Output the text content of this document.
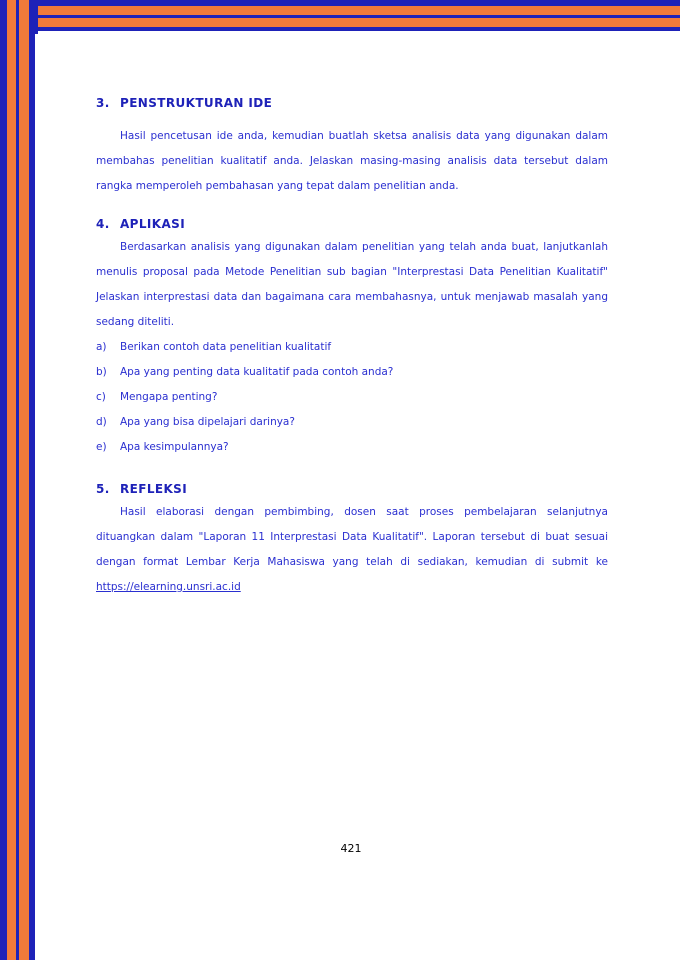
3. PENSTRUKTURAN IDE

Hasil pencetusan ide anda, kemudian buatlah sketsa analisis data yang digunakan dalam membahas penelitian kualitatif anda. Jelaskan masing-masing analisis data tersebut dalam rangka memperoleh pembahasan yang tepat dalam penelitian anda.

4. APLIKASI

Berdasarkan analisis yang digunakan dalam penelitian yang telah anda buat, lanjutkanlah menulis proposal pada Metode Penelitian sub bagian "Interprestasi Data Penelitian Kualitatif" Jelaskan interprestasi data dan bagaimana cara membahasnya, untuk menjawab masalah yang sedang diteliti.

a)	Berikan contoh data penelitian kualitatif
b)	Apa yang penting data kualitatif pada contoh anda?
c)	Mengapa penting?
d)	Apa yang bisa dipelajari darinya?
e)	Apa kesimpulannya?
5. REFLEKSI

Hasil elaborasi dengan pembimbing, dosen saat proses pembelajaran selanjutnya dituangkan dalam "Laporan 11 Interprestasi Data Kualitatif". Laporan tersebut di buat sesuai dengan format Lembar Kerja Mahasiswa yang telah di sediakan, kemudian di submit ke https://elearning.unsri.ac.id

421
